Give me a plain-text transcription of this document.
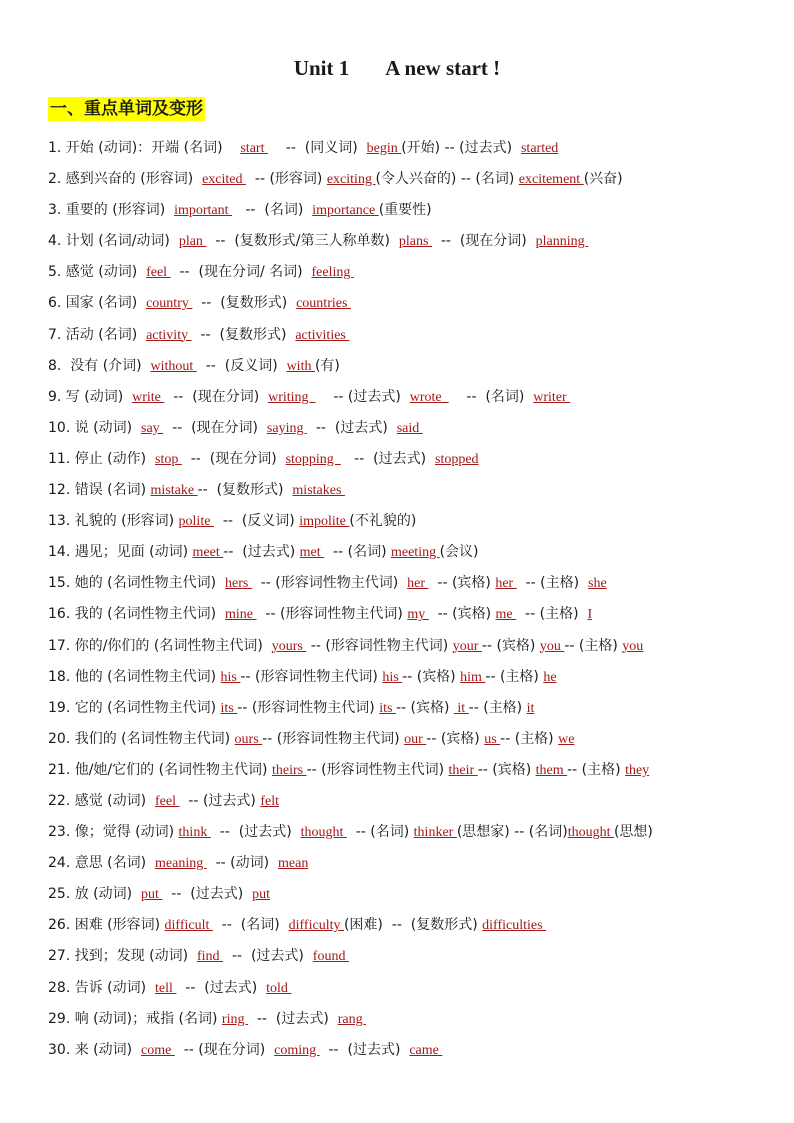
Unit 1 A new start !
一、重点单词及变形
1. 开始 (动词)：开端 (名词)    start     --  (同义词)  begin (开始) -- (过去式)  started
2. 感到兴奋的 (形容词)  excited   -- (形容词) exciting (令人兴奋的) -- (名词) excitement (兴奋)
3. 重要的 (形容词)  important    --  (名词)  importance (重要性)
4. 计划 (名词/动词)  plan   --  (复数形式/第三人称单数)  plans   --  (现在分词)  planning
5. 感觉 (动词)  feel   --  (现在分词/ 名词)  feeling
6. 国家 (名词)  country   --  (复数形式)  countries
7. 活动 (名词)  activity   --  (复数形式)  activities
8.  没有 (介词)  without   --  (反义词)  with (有)
9. 写 (动词)  write   --  (现在分词)  writing      -- (过去式)  wrote      --  (名词)  writer
10. 说 (动词)  say   --  (现在分词)  saying   --  (过去式)  said
11. 停止 (动作)  stop   --  (现在分词)  stopping     --  (过去式)  stopped
12. 错误 (名词) mistake --  (复数形式)  mistakes
13. 礼貌的 (形容词) polite   --  (反义词) impolite (不礼貌的)
14. 遇见；见面 (动词) meet --  (过去式) met   -- (名词) meeting (会议)
15. 她的 (名词性物主代词)  hers   -- (形容词性物主代词)  her   -- (宾格) her   -- (主格)  she
16. 我的 (名词性物主代词)  mine   -- (形容词性物主代词) my   -- (宾格) me   -- (主格)  I
17. 你的/你们的 (名词性物主代词)  yours  -- (形容词性物主代词) your -- (宾格) you -- (主格) you
18. 他的 (名词性物主代词) his -- (形容词性物主代词) his -- (宾格) him -- (主格) he
19. 它的 (名词性物主代词) its -- (形容词性物主代词) its -- (宾格)  it -- (主格) it
20. 我们的 (名词性物主代词) ours -- (形容词性物主代词) our -- (宾格) us -- (主格) we
21. 他/她/它们的 (名词性物主代词) theirs -- (形容词性物主代词) their -- (宾格) them -- (主格) they
22. 感觉 (动词)  feel   -- (过去式) felt
23. 像；觉得 (动词) think   --  (过去式)  thought   -- (名词) thinker (思想家) -- (名词)thought (思想)
24. 意思 (名词)  meaning   -- (动词)  mean
25. 放 (动词)  put   --  (过去式)  put
26. 困难 (形容词) difficult   --  (名词)  difficulty (困难)  --  (复数形式) difficulties
27. 找到；发现 (动词)  find   --  (过去式)  found
28. 告诉 (动词)  tell   --  (过去式)  told
29. 响 (动词)；戒指 (名词) ring   --  (过去式)  rang
30. 来 (动词)  come   -- (现在分词)  coming   --  (过去式)  came
